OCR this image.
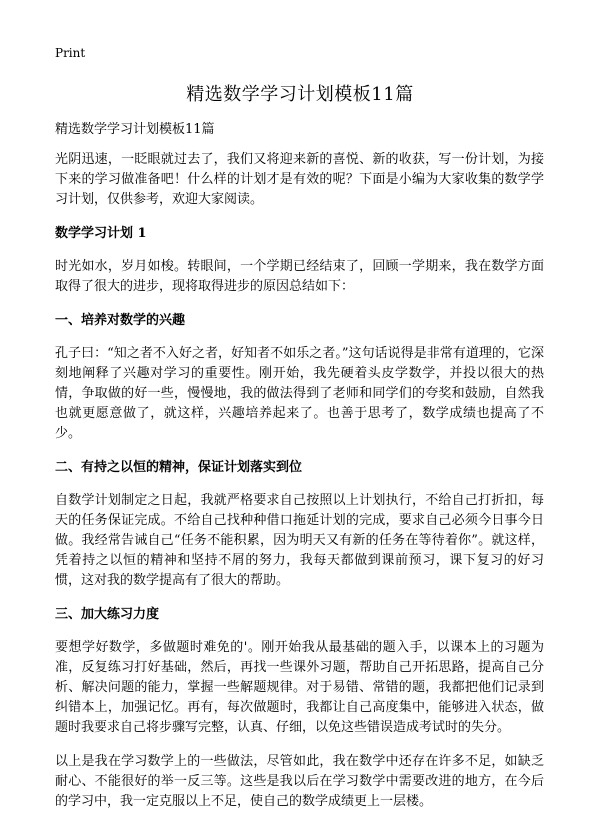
Print
精选数学学习计划模板11篇

精选数学学习计划模板11篇

光阴迅速，一眨眼就过去了，我们又将迎来新的喜悦、新的收获，写一份计划，为接下来的学习做准备吧！什么样的计划才是有效的呢？下面是小编为大家收集的数学学习计划，仅供参考，欢迎大家阅读。

数学学习计划 1

时光如水，岁月如梭。转眼间，一个学期已经结束了，回顾一学期来，我在数学方面取得了很大的进步，现将取得进步的原因总结如下：

一、培养对数学的兴趣

孔子曰：“知之者不入好之者，好知者不如乐之者。”这句话说得是非常有道理的，它深刻地阐释了兴趣对学习的重要性。刚开始，我先硬着头皮学数学，并投以很大的热情，争取做的好一些，慢慢地，我的做法得到了老师和同学们的夸奖和鼓励，自然我也就更愿意做了，就这样，兴趣培养起来了。也善于思考了，数学成绩也提高了不少。

二、有持之以恒的精神，保证计划落实到位

自数学计划制定之日起，我就严格要求自己按照以上计划执行，不给自己打折扣，每天的任务保证完成。不给自己找种种借口拖延计划的完成，要求自己必须今日事今日做。我经常告诫自己“任务不能积累，因为明天又有新的任务在等待着你”。就这样，凭着持之以恒的精神和坚持不屑的努力，我每天都做到课前预习，课下复习的好习惯，这对我的数学提高有了很大的帮助。

三、加大练习力度

要想学好数学，多做题时难免的'。刚开始我从最基础的题入手，以课本上的习题为准，反复练习打好基础，然后，再找一些课外习题，帮助自己开拓思路，提高自己分析、解决问题的能力，掌握一些解题规律。对于易错、常错的题，我都把他们记录到纠错本上，加强记忆。再有，每次做题时，我都让自己高度集中，能够进入状态，做题时我要求自己将步骤写完整，认真、仔细，以免这些错误造成考试时的失分。

以上是我在学习数学上的一些做法，尽管如此，我在数学中还存在许多不足，如缺乏耐心、不能很好的举一反三等。这些是我以后在学习数学中需要改进的地方，在今后的学习中，我一定克服以上不足，使自己的数学成绩更上一层楼。
